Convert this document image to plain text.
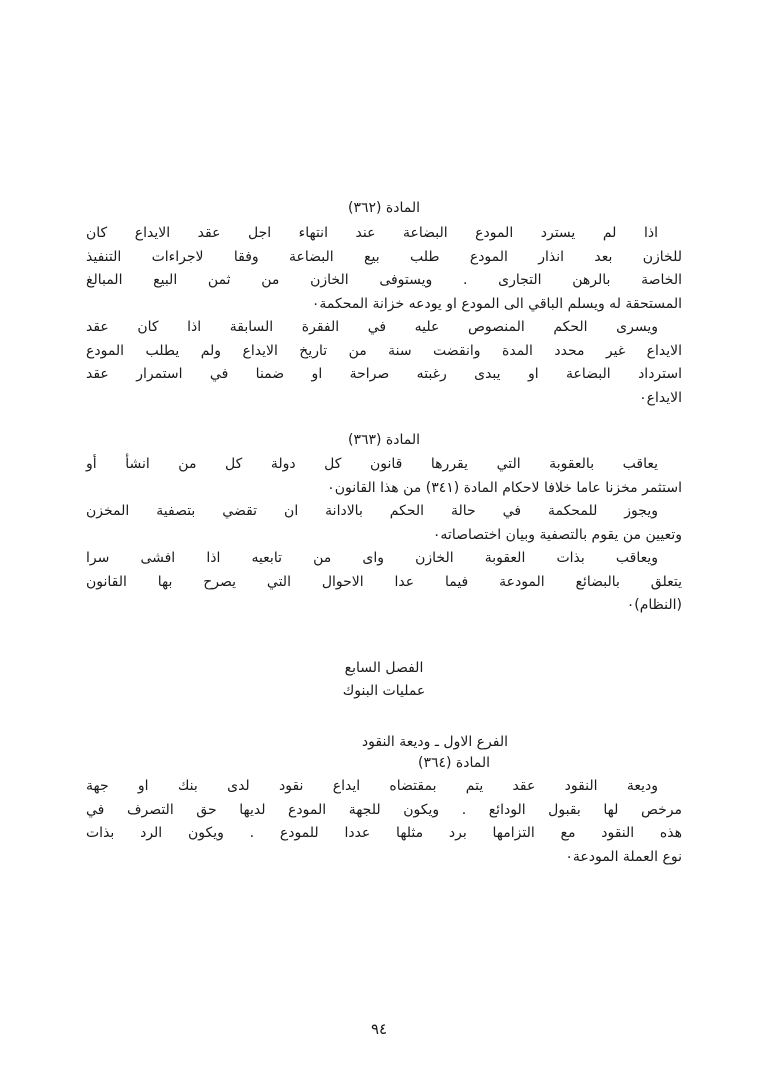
المادة (٣٦٢)

اذا لم يسترد المودع البضاعة عند انتهاء اجل عقد الايداع كان
للخازن بعد انذار المودع طلب بيع البضاعة وفقا لاجراءات التنفيذ
الخاصة بالرهن التجارى . ويستوفى الخازن من ثمن البيع المبالغ
المستحقة له ويسلم الباقي الى المودع او يودعه خزانة المحكمة٠
ويسرى الحكم المنصوص عليه في الفقرة السابقة اذا كان عقد
الايداع غير محدد المدة وانقضت سنة من تاريخ الايداع ولم يطلب المودع
استرداد البضاعة او يبدى رغبته صراحة او ضمنا في استمرار عقد
الايداع٠

المادة (٣٦٣)

يعاقب بالعقوبة التي يقررها قانون كل دولة كل من انشأ أو
استثمر مخزنا عاما خلافا لاحكام المادة (٣٤١) من هذا القانون٠
ويجوز للمحكمة في حالة الحكم بالادانة ان تقضي بتصفية المخزن
وتعيين من يقوم بالتصفية وبيان اختصاصاته٠
ويعاقب بذات العقوبة الخازن واى من تابعيه اذا افشى سرا
يتعلق بالبضائع المودعة فيما عدا الاحوال التي يصرح بها القانون
(النظام)٠

الفصل السابع

عمليات البنوك

الفرع الاول ـ وديعة النقود

المادة (٣٦٤)

وديعة النقود عقد يتم بمقتضاه ايداع نقود لدى بنك او جهة
مرخص لها بقبول الودائع . ويكون للجهة المودع لديها حق التصرف في
هذه النقود مع التزامها برد مثلها عددا للمودع . ويكون الرد بذات
نوع العملة المودعة٠

٩٤
